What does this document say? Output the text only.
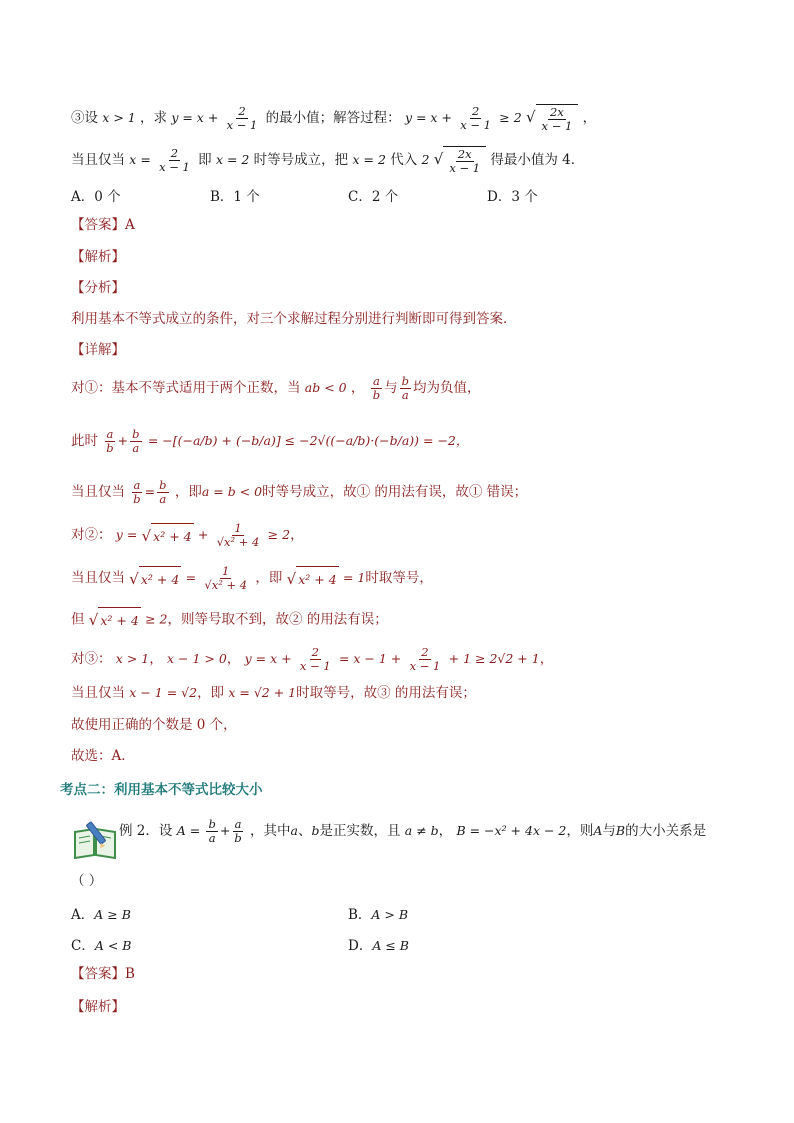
③设 x > 1 ，求 $y = x + \frac{2}{x - 1}$ 的最小值；解答过程： $y = x + \frac{2}{x - 1} \ge 2$ √ $\frac{2x}{x - 1}$ ，
当且仅当 $x = \frac{2}{x - 1}$ 即 x = 2 时等号成立，把 x = 2 代入 2 √ $\frac{2x}{x - 1}$ 得最小值为 4．
A．0 个	B．1 个	C．2 个	D．3 个
【答案】A
【解析】
【分析】
利用基本不等式成立的条件，对三个求解过程分别进行判断即可得到答案．
【详解】
对①：基本不等式适用于两个正数，当 ab < 0 ， $\frac{a}{b}$ 与 $\frac{b}{a}$ 均为负值，
此时 $\frac{a}{b} + \frac{b}{a} = -[(-a/b) + (-b/a)] \le -2√((-a/b)\cdot(-b/a)) = -2$，
当且仅当 $\frac{a}{b} = \frac{b}{a}$ ，即a = b < 0时等号成立，故① 的用法有误，故① 错误；
对②： y = √ $x^2 + 4 + \frac{1}{\text{√x² + 4}} \ge 2$，
当且仅当 √ $x^2 + 4 = \frac{1}{\text{√x² + 4}}$ ，即 √ x² + 4 = 1时取等号，
但 √ x² + 4 ≥ 2，则等号取不到，故② 的用法有误；
对③： x > 1， x − 1 > 0， $y = x + \frac{2}{x - 1} = x - 1 + \frac{2}{x - 1} + 1 \ge 2√2 + 1$，
当且仅当 x − 1 = √2，即 x = √2 + 1时取等号，故③ 的用法有误；
故使用正确的个数是 0 个，
故选：A．
考点二：利用基本不等式比较大小
例 2．设 $A = \frac{b}{a} + \frac{a}{b}$ ，其中a、b是正实数，且 a ≠ b， B = −x² + 4x − 2，则A与B的大小关系是
（ ）
A．A ≥ B	B．A > B
C．A < B	D．A ≤ B
【答案】B
【解析】
